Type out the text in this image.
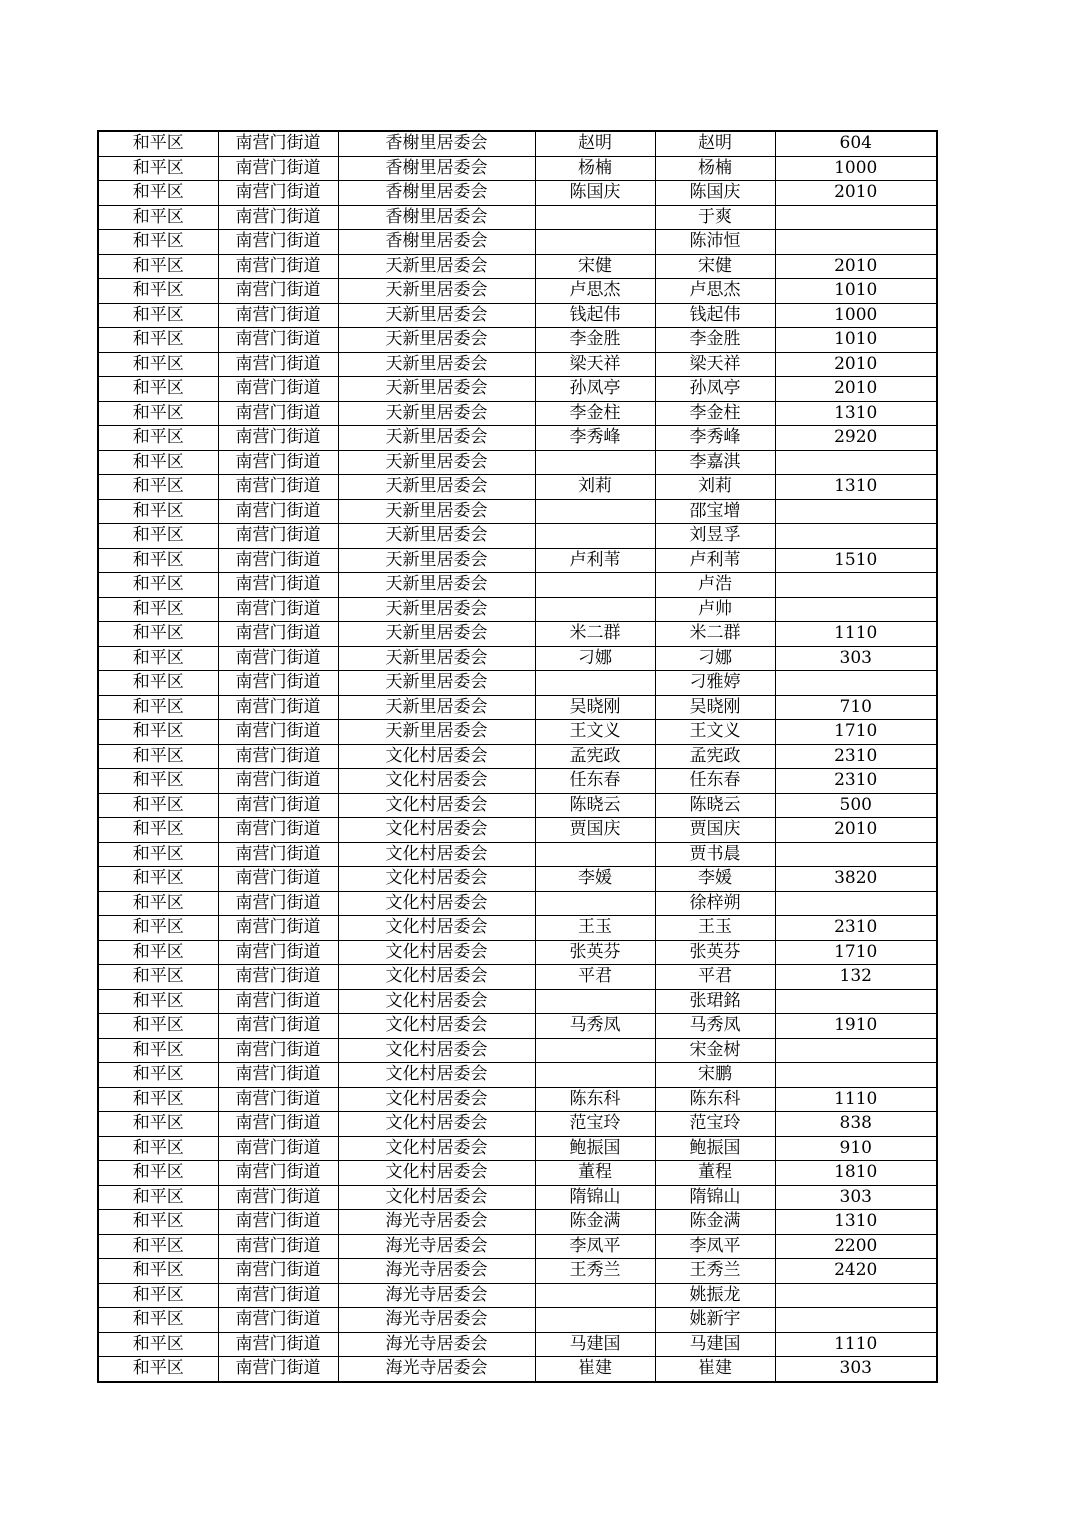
和平区	南营门街道	香榭里居委会	赵明	赵明	604
和平区	南营门街道	香榭里居委会	杨楠	杨楠	1000
和平区	南营门街道	香榭里居委会	陈国庆	陈国庆	2010
和平区	南营门街道	香榭里居委会		于爽	
和平区	南营门街道	香榭里居委会		陈沛恒	
和平区	南营门街道	天新里居委会	宋健	宋健	2010
和平区	南营门街道	天新里居委会	卢思杰	卢思杰	1010
和平区	南营门街道	天新里居委会	钱起伟	钱起伟	1000
和平区	南营门街道	天新里居委会	李金胜	李金胜	1010
和平区	南营门街道	天新里居委会	梁天祥	梁天祥	2010
和平区	南营门街道	天新里居委会	孙凤亭	孙凤亭	2010
和平区	南营门街道	天新里居委会	李金柱	李金柱	1310
和平区	南营门街道	天新里居委会	李秀峰	李秀峰	2920
和平区	南营门街道	天新里居委会		李嘉淇	
和平区	南营门街道	天新里居委会	刘莉	刘莉	1310
和平区	南营门街道	天新里居委会		邵宝增	
和平区	南营门街道	天新里居委会		刘昱孚	
和平区	南营门街道	天新里居委会	卢利苇	卢利苇	1510
和平区	南营门街道	天新里居委会		卢浩	
和平区	南营门街道	天新里居委会		卢帅	
和平区	南营门街道	天新里居委会	米二群	米二群	1110
和平区	南营门街道	天新里居委会	刁娜	刁娜	303
和平区	南营门街道	天新里居委会		刁雅婷	
和平区	南营门街道	天新里居委会	吴晓刚	吴晓刚	710
和平区	南营门街道	天新里居委会	王文义	王文义	1710
和平区	南营门街道	文化村居委会	孟宪政	孟宪政	2310
和平区	南营门街道	文化村居委会	任东春	任东春	2310
和平区	南营门街道	文化村居委会	陈晓云	陈晓云	500
和平区	南营门街道	文化村居委会	贾国庆	贾国庆	2010
和平区	南营门街道	文化村居委会		贾书晨	
和平区	南营门街道	文化村居委会	李媛	李媛	3820
和平区	南营门街道	文化村居委会		徐梓朔	
和平区	南营门街道	文化村居委会	王玉	王玉	2310
和平区	南营门街道	文化村居委会	张英芬	张英芬	1710
和平区	南营门街道	文化村居委会	平君	平君	132
和平区	南营门街道	文化村居委会		张珺銘	
和平区	南营门街道	文化村居委会	马秀凤	马秀凤	1910
和平区	南营门街道	文化村居委会		宋金树	
和平区	南营门街道	文化村居委会		宋鹏	
和平区	南营门街道	文化村居委会	陈东科	陈东科	1110
和平区	南营门街道	文化村居委会	范宝玲	范宝玲	838
和平区	南营门街道	文化村居委会	鲍振国	鲍振国	910
和平区	南营门街道	文化村居委会	董程	董程	1810
和平区	南营门街道	文化村居委会	隋锦山	隋锦山	303
和平区	南营门街道	海光寺居委会	陈金满	陈金满	1310
和平区	南营门街道	海光寺居委会	李凤平	李凤平	2200
和平区	南营门街道	海光寺居委会	王秀兰	王秀兰	2420
和平区	南营门街道	海光寺居委会		姚振龙	
和平区	南营门街道	海光寺居委会		姚新宇	
和平区	南营门街道	海光寺居委会	马建国	马建国	1110
和平区	南营门街道	海光寺居委会	崔建	崔建	303
